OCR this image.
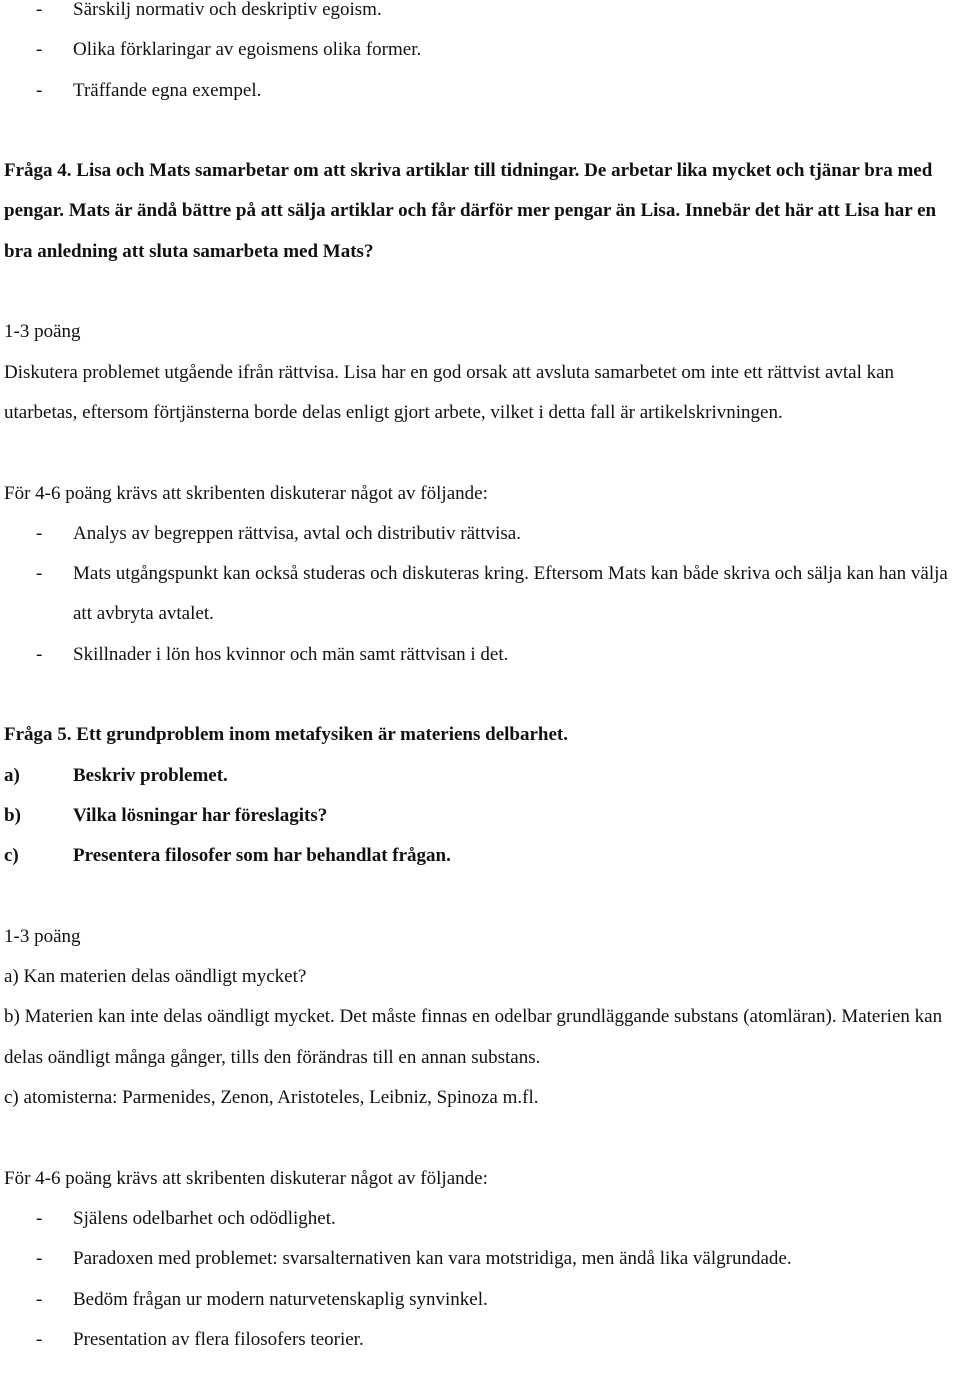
- Särskilj normativ och deskriptiv egoism.
- Olika förklaringar av egoismens olika former.
- Träffande egna exempel.

Fråga 4. Lisa och Mats samarbetar om att skriva artiklar till tidningar. De arbetar lika mycket och tjänar bra med pengar. Mats är ändå bättre på att sälja artiklar och får därför mer pengar än Lisa. Innebär det här att Lisa har en bra anledning att sluta samarbeta med Mats?

1-3 poäng

Diskutera problemet utgående ifrån rättvisa. Lisa har en god orsak att avsluta samarbetet om inte ett rättvist avtal kan utarbetas, eftersom förtjänsterna borde delas enligt gjort arbete, vilket i detta fall är artikelskrivningen.

För 4-6 poäng krävs att skribenten diskuterar något av följande:

- Analys av begreppen rättvisa, avtal och distributiv rättvisa.
- Mats utgångspunkt kan också studeras och diskuteras kring. Eftersom Mats kan både skriva och sälja kan han välja att avbryta avtalet.
- Skillnader i lön hos kvinnor och män samt rättvisan i det.

Fråga 5. Ett grundproblem inom metafysiken är materiens delbarhet.

a)	Beskriv problemet.
b)	Vilka lösningar har föreslagits?
c)	Presentera filosofer som har behandlat frågan.

1-3 poäng

a) Kan materien delas oändligt mycket?

b) Materien kan inte delas oändligt mycket. Det måste finnas en odelbar grundläggande substans (atomläran). Materien kan delas oändligt många gånger, tills den förändras till en annan substans.

c) atomisterna: Parmenides, Zenon, Aristoteles, Leibniz, Spinoza m.fl.

För 4-6 poäng krävs att skribenten diskuterar något av följande:

- Själens odelbarhet och odödlighet.
- Paradoxen med problemet: svarsalternativen kan vara motstridiga, men ändå lika välgrundade.
- Bedöm frågan ur modern naturvetenskaplig synvinkel.
- Presentation av flera filosofers teorier.
